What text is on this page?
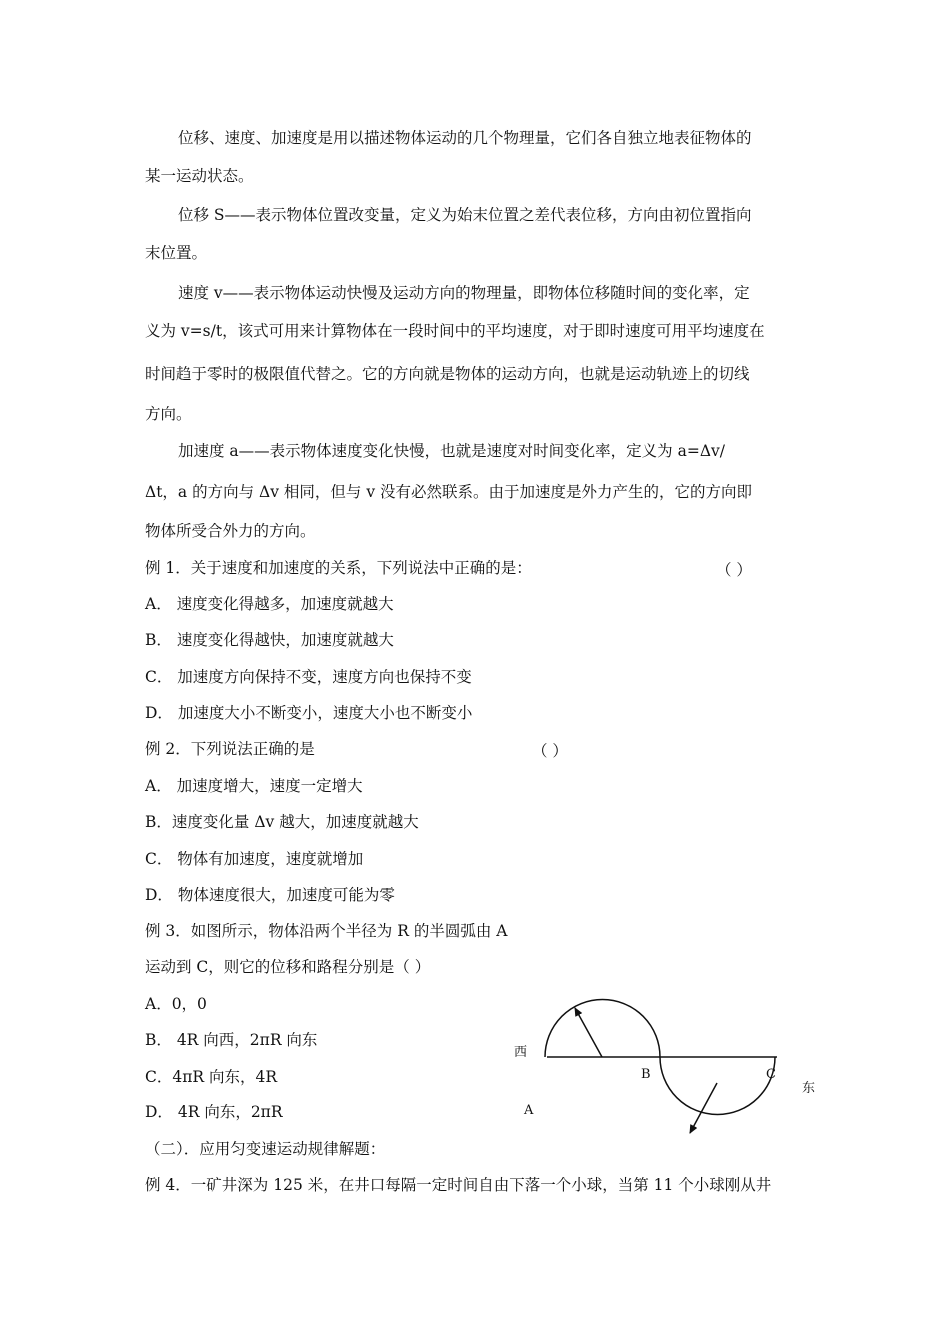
位移、速度、加速度是用以描述物体运动的几个物理量，它们各自独立地表征物体的
某一运动状态。
位移 S——表示物体位置改变量，定义为始末位置之差代表位移，方向由初位置指向
末位置。
速度 v——表示物体运动快慢及运动方向的物理量，即物体位移随时间的变化率，定
义为 v=s/t，该式可用来计算物体在一段时间中的平均速度，对于即时速度可用平均速度在
时间趋于零时的极限值代替之。它的方向就是物体的运动方向，也就是运动轨迹上的切线
方向。
加速度 a——表示物体速度变化快慢，也就是速度对时间变化率，定义为 a=Δv/
Δt，a 的方向与 Δv 相同，但与 v 没有必然联系。由于加速度是外力产生的，它的方向即
物体所受合外力的方向。
例 1．关于速度和加速度的关系，下列说法中正确的是：	（ ）
A． 速度变化得越多，加速度就越大
B． 速度变化得越快，加速度就越大
C． 加速度方向保持不变，速度方向也保持不变
D． 加速度大小不断变小，速度大小也不断变小
例 2．下列说法正确的是	（ ）
A． 加速度增大，速度一定增大
B．速度变化量 Δv 越大，加速度就越大
C． 物体有加速度，速度就增加
D． 物体速度很大，加速度可能为零
例 3．如图所示，物体沿两个半径为 R 的半圆弧由 A
运动到 C，则它的位移和路程分别是（ ）
A．0，0
B． 4R 向西，2πR 向东
C．4πR 向东，4R
D． 4R 向东，2πR
西
B	C
东
A
（二）．应用匀变速运动规律解题：
例 4．一矿井深为 125 米，在井口每隔一定时间自由下落一个小球，当第 11 个小球刚从井
